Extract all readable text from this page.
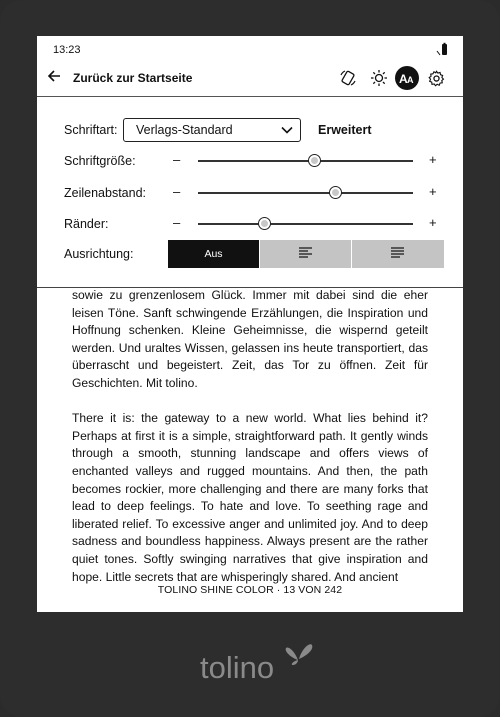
13:23
Zurück zur Startseite	A A
Schriftart: Verlags-Standard	Erweitert
Schriftgröße:	–	+
Zeilenabstand: –	+
Ränder:	–	+
Ausrichtung:	Aus

sowie zu grenzenlosem Glück. Immer mit dabei sind die eher leisen Töne. Sanft schwingende Erzählungen, die Inspiration und Hoffnung schenken. Kleine Geheimnisse, die wispernd geteilt werden. Und uraltes Wissen, gelassen ins heute transportiert, das überrascht und begeistert. Zeit, das Tor zu öffnen. Zeit für Geschichten. Mit tolino.

There it is: the gateway to a new world. What lies behind it? Perhaps at first it is a simple, straightforward path. It gently winds through a smooth, stunning landscape and offers views of enchanted valleys and rugged mountains. And then, the path becomes rockier, more challenging and there are many forks that lead to deep feelings. To hate and love. To seething rage and liberated relief. To excessive anger and unlimited joy. And to deep sadness and boundless happiness. Always present are the rather quiet tones. Softly swinging narratives that give inspiration and hope. Little secrets that are whisperingly shared. And ancient

TOLINO SHINE COLOR · 13 VON 242
tolino
